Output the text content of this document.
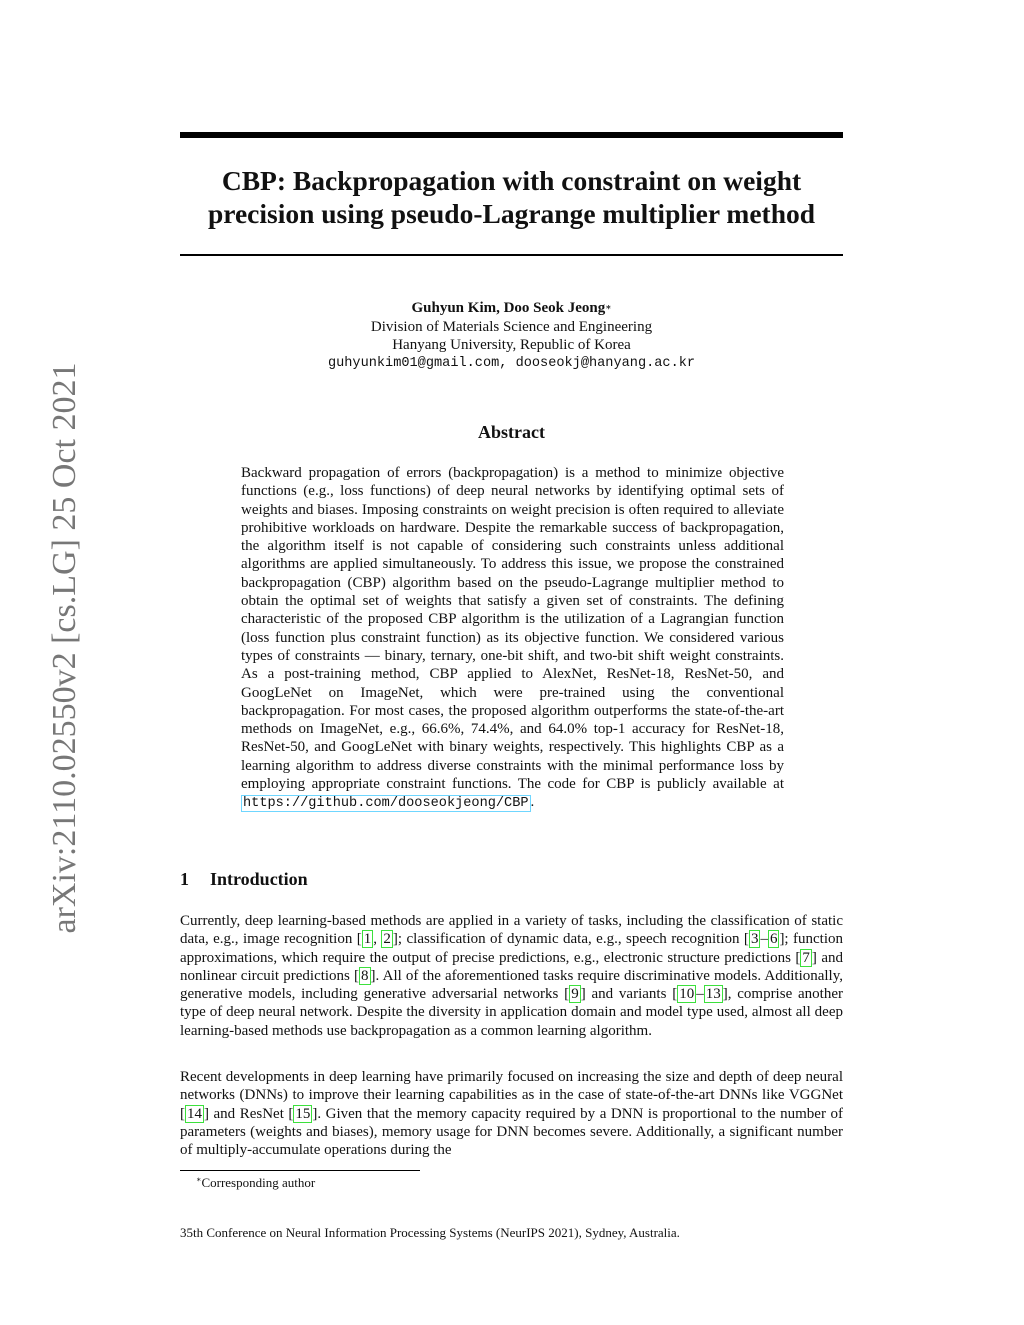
arXiv:2110.02550v2 [cs.LG] 25 Oct 2021
CBP: Backpropagation with constraint on weight
precision using pseudo-Lagrange multiplier method
Guhyun Kim, Doo Seok Jeong∗
Division of Materials Science and Engineering
Hanyang University, Republic of Korea
guhyunkim01@gmail.com, dooseokj@hanyang.ac.kr
Abstract
Backward propagation of errors (backpropagation) is a method to minimize objective functions (e.g., loss functions) of deep neural networks by identifying optimal sets of weights and biases. Imposing constraints on weight precision is often required to alleviate prohibitive workloads on hardware. Despite the remarkable success of backpropagation, the algorithm itself is not capable of considering such constraints unless additional algorithms are applied simultaneously. To address this issue, we propose the constrained backpropagation (CBP) algorithm based on the pseudo-Lagrange multiplier method to obtain the optimal set of weights that satisfy a given set of constraints. The defining characteristic of the proposed CBP algorithm is the utilization of a Lagrangian function (loss function plus constraint function) as its objective function. We considered various types of constraints — binary, ternary, one-bit shift, and two-bit shift weight constraints. As a post-training method, CBP applied to AlexNet, ResNet-18, ResNet-50, and GoogLeNet on ImageNet, which were pre-trained using the conventional backpropagation. For most cases, the proposed algorithm outperforms the state-of-the-art methods on ImageNet, e.g., 66.6%, 74.4%, and 64.0% top-1 accuracy for ResNet-18, ResNet-50, and GoogLeNet with binary weights, respectively. This highlights CBP as a learning algorithm to address diverse constraints with the minimal performance loss by employing appropriate constraint functions. The code for CBP is publicly available at https://github.com/dooseokjeong/CBP .
1 Introduction
Currently, deep learning-based methods are applied in a variety of tasks, including the classification of static data, e.g., image recognition [ 1 , 2 ]; classification of dynamic data, e.g., speech recognition [ 3 – 6 ]; function approximations, which require the output of precise predictions, e.g., electronic structure predictions [ 7 ] and nonlinear circuit predictions [ 8 ]. All of the aforementioned tasks require discriminative models. Additionally, generative models, including generative adversarial networks [ 9 ] and variants [ 10 – 13 ], comprise another type of deep neural network. Despite the diversity in application domain and model type used, almost all deep learning-based methods use backpropagation as a common learning algorithm.
Recent developments in deep learning have primarily focused on increasing the size and depth of deep neural networks (DNNs) to improve their learning capabilities as in the case of state-of-the-art DNNs like VGGNet [ 14 ] and ResNet [ 15 ]. Given that the memory capacity required by a DNN is proportional to the number of parameters (weights and biases), memory usage for DNN becomes severe. Additionally, a significant number of multiply-accumulate operations during the
∗Corresponding author
35th Conference on Neural Information Processing Systems (NeurIPS 2021), Sydney, Australia.
